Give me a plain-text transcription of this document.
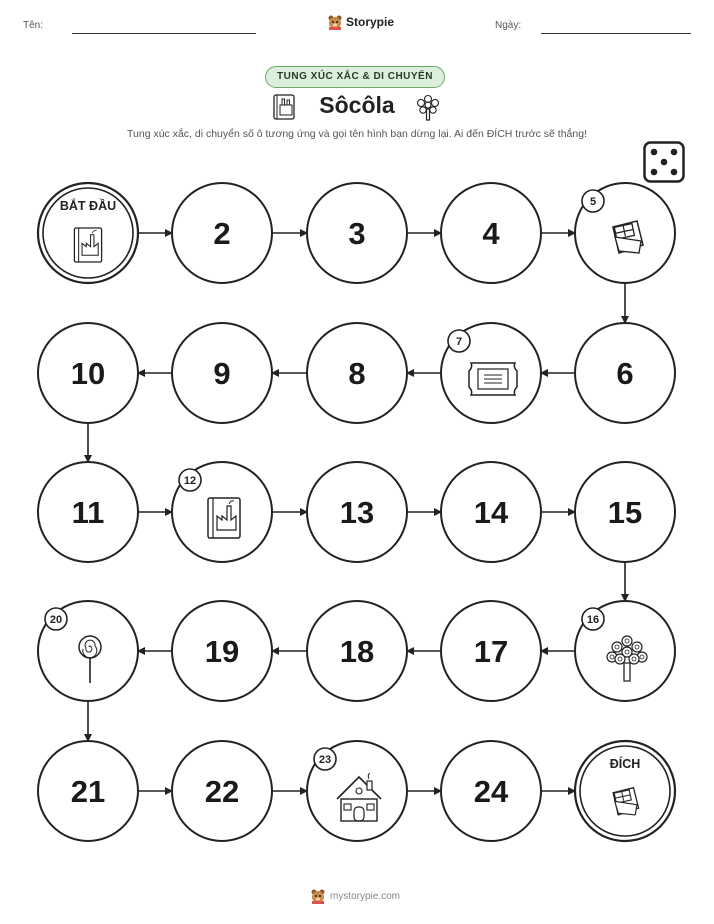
Tên:	Storypie	Ngày:
TUNG XÚC XẮC & DI CHUYỂN
Sôcôla
Tung xúc xắc, di chuyển số ô tương ứng và gọi tên hình bạn dừng lại. Ai đến ĐÍCH trước sẽ thắng!
BẮT ĐẦU
2	3	4
5
10	9	8
7
6
11
12
13	14	15
20
19	18	17
16
21	22
23
24
ĐÍCH
mystorypie.com
